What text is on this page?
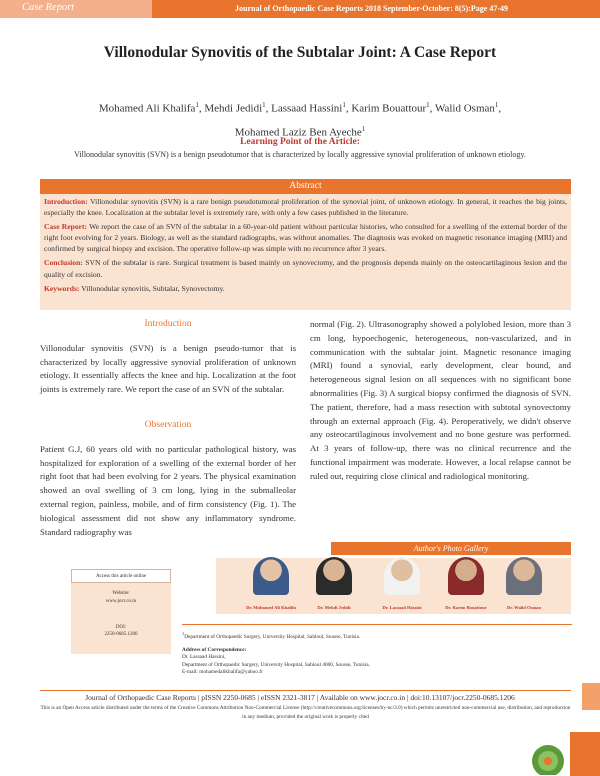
Case Report	Journal of Orthopaedic Case Reports 2018 September-October: 8(5):Page 47-49
Villonodular Synovitis of the Subtalar Joint: A Case Report
Mohamed Ali Khalifa$^1$, Mehdi Jedidi$^1$, Lassaad Hassini$^1$, Karim Bouattour$^1$, Walid Osman$^1$,
Mohamed Laziz Ben Ayeche$^1$
Learning Point of the Article:
Villonodular synovitis (SVN) is a benign pseudotumor that is characterized by locally aggressive synovial proliferation of unknown etiology.
Abstract

Introduction: Villonodular synovitis (SVN) is a rare benign pseudotumoral proliferation of the synovial joint, of unknown etiology. In general, it reaches the big joints, especially the knee. Localization at the subtalar level is extremely rare, with only a few cases published in the literature.

Case Report: We report the case of an SVN of the subtalar in a 60-year-old patient without particular histories, who consulted for a swelling of the external border of the right foot evolving for 2 years. Biology, as well as the standard radiographs, was without anomalies. The diagnosis was evoked on magnetic resonance imaging (MRI) and confirmed by surgical biopsy and excision. The operative follow-up was simple with no recurrence after 3 years.

Conclusion: SVN of the subtalar is rare. Surgical treatment is based mainly on synovectomy, and the prognosis depends mainly on the osteocartilaginous lesion and the quality of excision.

Keywords: Villonodular synovitis, Subtalar, Synovectomy.

Introduction

Villonodular synovitis (SVN) is a benign pseudo-tumor that is characterized by locally aggressive synovial proliferation of unknown etiology. It essentially affects the knee and hip. Localization at the foot joints is extremely rare. We report the case of an SVN of the subtalar.

Observation

Patient G.J, 60 years old with no particular pathological history, was hospitalized for exploration of a swelling of the external border of her right foot that had been evolving for 2 years. The physical examination showed an oval swelling of 3 cm long, lying in the submalleolar external region, painless, mobile, and of firm consistency (Fig. 1). The biological assessment did not show any inflammatory syndrome. Standard radiography was

normal (Fig. 2). Ultrasonography showed a polylobed lesion, more than 3 cm long, hypoechogenic, heterogeneous, non-vascularized, and in communication with the subtalar joint. Magnetic resonance imaging (MRI) found a synovial, early development, clear bound, and heterogeneous signal lesion on all sequences with no significant bone abnormalities (Fig. 3) A surgical biopsy confirmed the diagnosis of SVN. The patient, therefore, had a mass resection with subtotal synovectomy through an external approach (Fig. 4). Peroperatively, we didn't observe any osteocartilaginous involvement and no bone gesture was performed. At 3 years of follow-up, there was no clinical recurrence and the functional impairment was moderate. However, a local relapse cannot be ruled out, requiring close clinical and radiological monitoring.

Author's Photo Gallery
Dr. Mohamed Ali Khalifa	Dr. Mehdi Jedidi	Dr. Lassaad Hassini	Dr. Karim Bouattour	Dr. Walid Osman
Access this article online
Website:
www.jocr.co.in
DOI:
2250-0685.1206	$^1$Department of Orthopaedic Surgery, University Hospital, Sahloul, Sousse, Tunisia.
Address of Correspondence:
Dr. Lassaad Hassini,
Department of Orthopaedic Surgery, University Hospital, Sahloul 4000, Sousse, Tunisia.
E-mail: mohamedalikhalifa@yahoo.fr
Journal of Orthopaedic Case Reports | pISSN 2250-0685 | eISSN 2321-3817 | Available on www.jocr.co.in | doi:10.13107/jocr.2250-0685.1206
This is an Open Access article distributed under the terms of the Creative Commons Attribution Non-Commercial License (http://creativecommons.org/licenses/by-nc/3.0) which permits unrestricted non-commercial use, distribution, and reproduction in any medium, provided the original work is properly cited
